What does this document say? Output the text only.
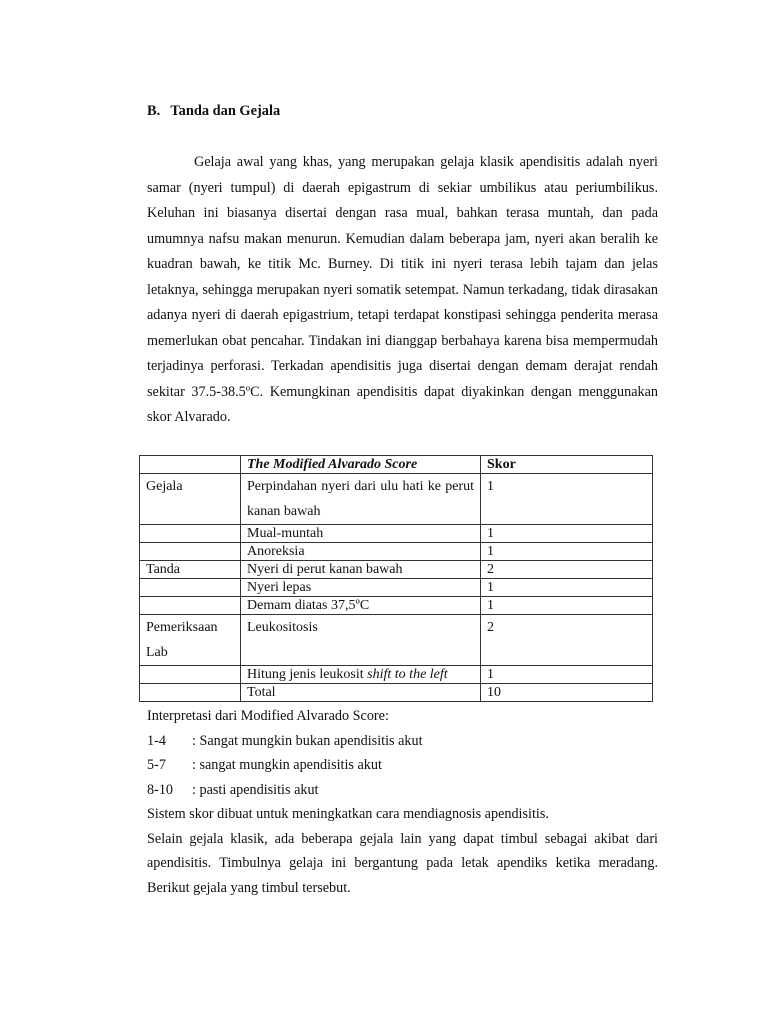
B. Tanda dan Gejala

Gelaja awal yang khas, yang merupakan gelaja klasik apendisitis adalah nyeri samar (nyeri tumpul) di daerah epigastrum di sekiar umbilikus atau periumbilikus. Keluhan ini biasanya disertai dengan rasa mual, bahkan terasa muntah, dan pada umumnya nafsu makan menurun. Kemudian dalam beberapa jam, nyeri akan beralih ke kuadran bawah, ke titik Mc. Burney. Di titik ini nyeri terasa lebih tajam dan jelas letaknya, sehingga merupakan nyeri somatik setempat. Namun terkadang, tidak dirasakan adanya nyeri di daerah epigastrium, tetapi terdapat konstipasi sehingga penderita merasa memerlukan obat pencahar. Tindakan ini dianggap berbahaya karena bisa mempermudah terjadinya perforasi. Terkadan apendisitis juga disertai dengan demam derajat rendah sekitar 37.5-38.5ºC. Kemungkinan apendisitis dapat diyakinkan dengan menggunakan skor Alvarado.

	The Modified Alvarado Score	Skor
Gejala	Perpindahan nyeri dari ulu hati ke perut kanan bawah	1
	Mual-muntah	1
	Anoreksia	1
Tanda	Nyeri di perut kanan bawah	2
	Nyeri lepas	1
	Demam diatas 37,5ºC	1
Pemeriksaan Lab	Leukositosis	2
	Hitung jenis leukosit shift to the left	1
	Total	10
Interpretasi dari Modified Alvarado Score:
1-4 : Sangat mungkin bukan apendisitis akut
5-7 : sangat mungkin apendisitis akut
8-10 : pasti apendisitis akut
Sistem skor dibuat untuk meningkatkan cara mendiagnosis apendisitis.
Selain gejala klasik, ada beberapa gejala lain yang dapat timbul sebagai akibat dari apendisitis. Timbulnya gelaja ini bergantung pada letak apendiks ketika meradang. Berikut gejala yang timbul tersebut.
